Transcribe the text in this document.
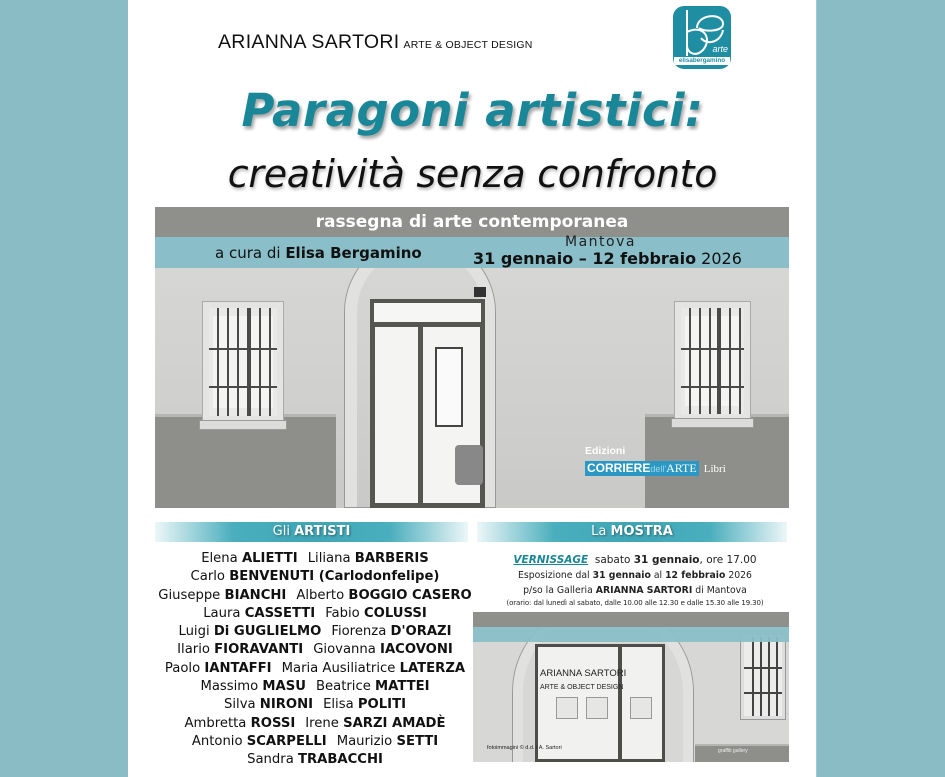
ARIANNA SARTORI ARTE & OBJECT DESIGN	arte
elisabergamino
Paragoni artistici:
creatività senza confronto
rassegna di arte contemporanea
a cura di Elisa Bergamino
Mantova
31 gennaio – 12 febbraio 2026
Edizioni
CORRIEREdell'ARTE Libri
Gli ARTISTI	La MOSTRA
Elena ALIETTI Liliana BARBERIS
Carlo BENVENUTI (Carlodonfelipe)
Giuseppe BIANCHI Alberto BOGGIO CASERO
Laura CASSETTI Fabio COLUSSI
Luigi Di GUGLIELMO Fiorenza D'ORAZI
Ilario FIORAVANTI Giovanna IACOVONI
Paolo IANTAFFI Maria Ausiliatrice LATERZA
Massimo MASU Beatrice MATTEI
Silva NIRONI Elisa POLITI
Ambretta ROSSI Irene SARZI AMADÈ
Antonio SCARPELLI Maurizio SETTI
Sandra TRABACCHI
VERNISSAGE sabato 31 gennaio, ore 17.00
Esposizione dal 31 gennaio al 12 febbraio 2026
p/so la Galleria ARIANNA SARTORI di Mantova
(orario: dal lunedì al sabato, dalle 10.00 alle 12.30 e dalle 15.30 alle 19.30)
ARIANNA SARTORI
ARTE & OBJECT DESIGN
fotoimmagini © d.d. / A. Sartori	graffiti gallery
